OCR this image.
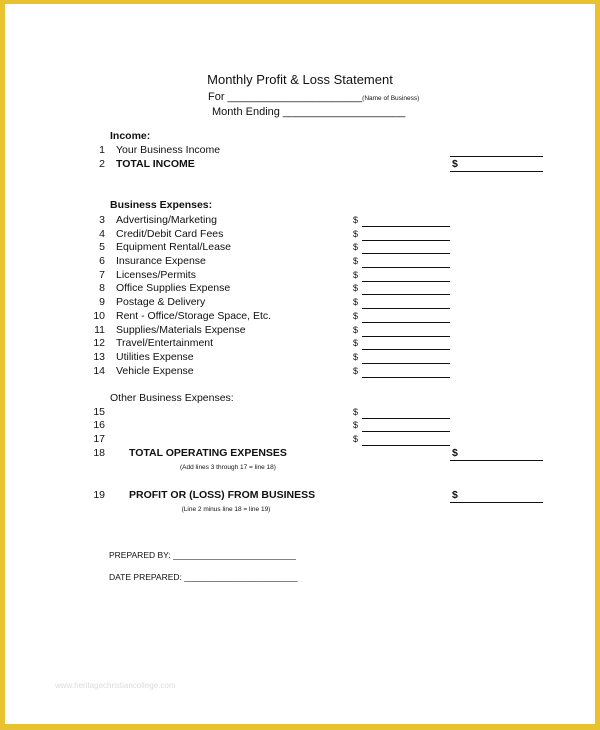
Monthly Profit & Loss Statement
For ______________________(Name of Business)
Month Ending ____________________
Income:
1 Your Business Income
2 TOTAL INCOME	$
Business Expenses:
3 Advertising/Marketing	$
4 Credit/Debit Card Fees	$
5 Equipment Rental/Lease	$
6 Insurance Expense	$
7 Licenses/Permits	$
8 Office Supplies Expense	$
9 Postage & Delivery	$
10 Rent - Office/Storage Space, Etc.	$
11 Supplies/Materials Expense	$
12 Travel/Entertainment	$
13 Utilities Expense	$
14 Vehicle Expense	$
Other Business Expenses:
15	$
16	$
17	$
18 TOTAL OPERATING EXPENSES	$
(Add lines 3 through 17 = line 18)
19 PROFIT OR (LOSS) FROM BUSINESS	$
(Line 2 minus line 18 = line 19)
PREPARED BY: __________________________
DATE PREPARED: ________________________
www.heritagechristiancollege.com
